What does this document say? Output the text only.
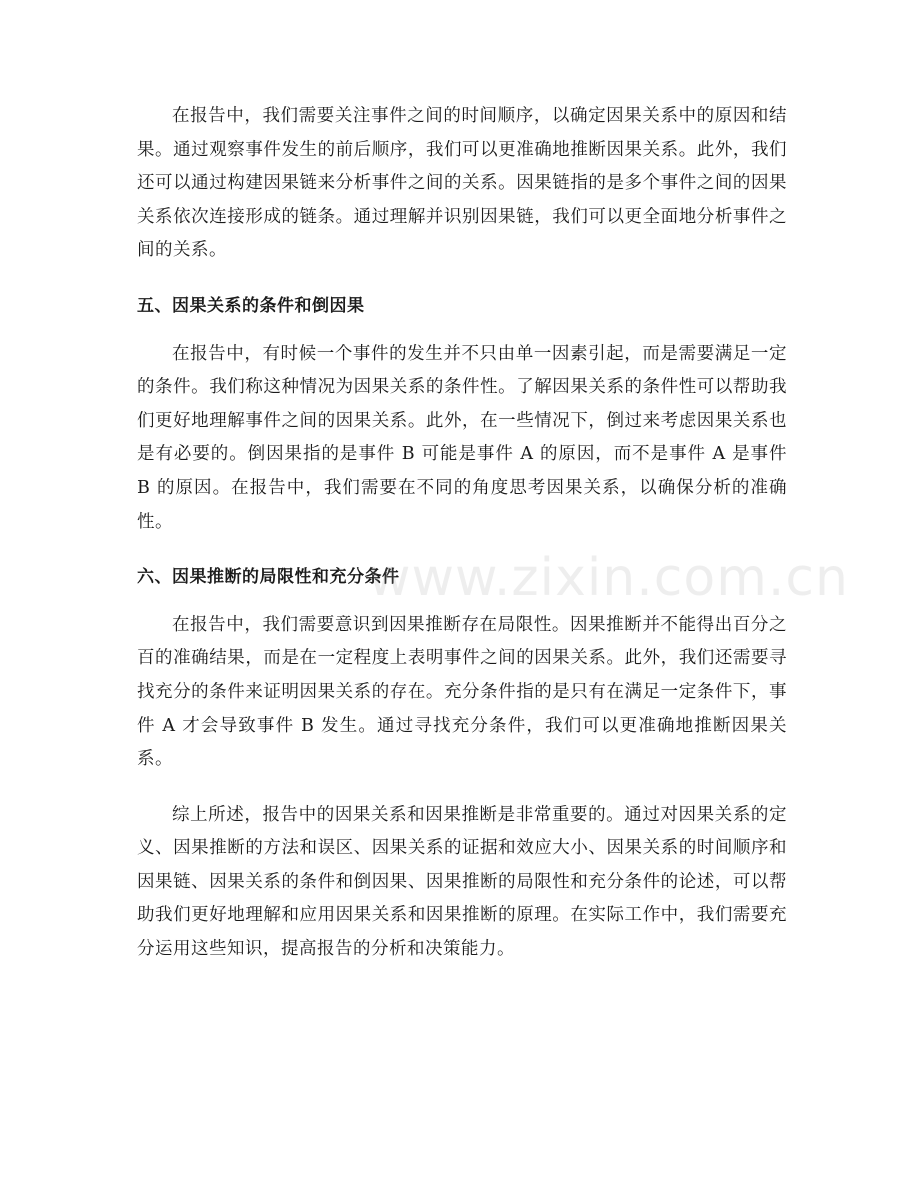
在报告中，我们需要关注事件之间的时间顺序，以确定因果关系中的原因和结果。通过观察事件发生的前后顺序，我们可以更准确地推断因果关系。此外，我们还可以通过构建因果链来分析事件之间的关系。因果链指的是多个事件之间的因果关系依次连接形成的链条。通过理解并识别因果链，我们可以更全面地分析事件之间的关系。

五、因果关系的条件和倒因果

在报告中，有时候一个事件的发生并不只由单一因素引起，而是需要满足一定的条件。我们称这种情况为因果关系的条件性。了解因果关系的条件性可以帮助我们更好地理解事件之间的因果关系。此外，在一些情况下，倒过来考虑因果关系也是有必要的。倒因果指的是事件 B 可能是事件 A 的原因，而不是事件 A 是事件 B 的原因。在报告中，我们需要在不同的角度思考因果关系，以确保分析的准确性。

六、因果推断的局限性和充分条件

在报告中，我们需要意识到因果推断存在局限性。因果推断并不能得出百分之百的准确结果，而是在一定程度上表明事件之间的因果关系。此外，我们还需要寻找充分的条件来证明因果关系的存在。充分条件指的是只有在满足一定条件下，事件 A 才会导致事件 B 发生。通过寻找充分条件，我们可以更准确地推断因果关系。

综上所述，报告中的因果关系和因果推断是非常重要的。通过对因果关系的定义、因果推断的方法和误区、因果关系的证据和效应大小、因果关系的时间顺序和因果链、因果关系的条件和倒因果、因果推断的局限性和充分条件的论述，可以帮助我们更好地理解和应用因果关系和因果推断的原理。在实际工作中，我们需要充分运用这些知识，提高报告的分析和决策能力。

www.zixin.com.cn
